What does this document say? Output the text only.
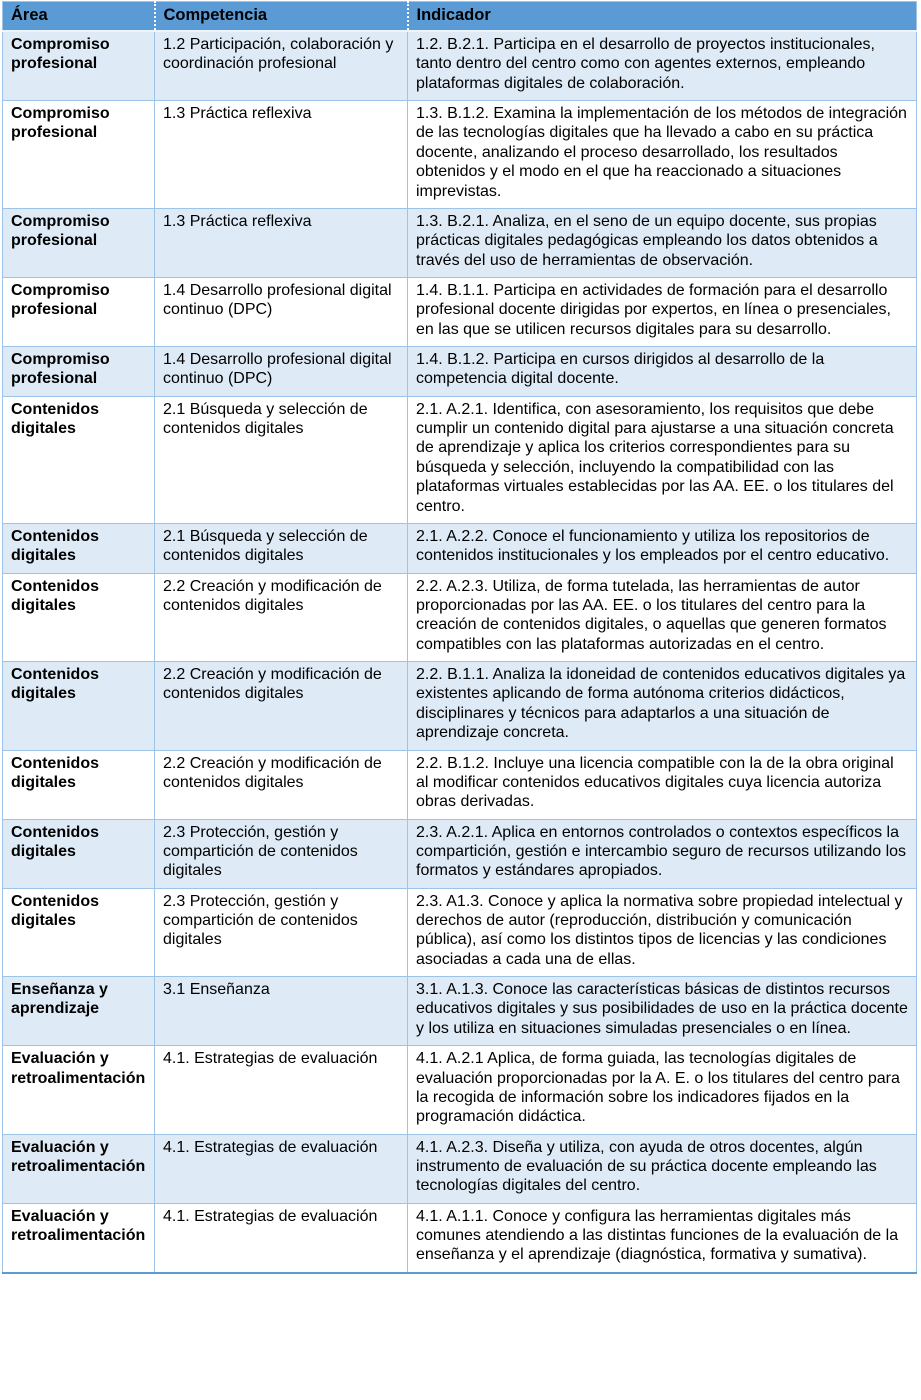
Área	Competencia	Indicador
Compromiso profesional	1.2 Participación, colaboración y coordinación profesional	1.2. B.2.1. Participa en el desarrollo de proyectos institucionales, tanto dentro del centro como con agentes externos, empleando plataformas digitales de colaboración.
Compromiso profesional	1.3 Práctica reflexiva	1.3. B.1.2. Examina la implementación de los métodos de integración de las tecnologías digitales que ha llevado a cabo en su práctica docente, analizando el proceso desarrollado, los resultados obtenidos y el modo en el que ha reaccionado a situaciones imprevistas.
Compromiso profesional	1.3 Práctica reflexiva	1.3. B.2.1. Analiza, en el seno de un equipo docente, sus propias prácticas digitales pedagógicas empleando los datos obtenidos a través del uso de herramientas de observación.
Compromiso profesional	1.4 Desarrollo profesional digital continuo (DPC)	1.4. B.1.1. Participa en actividades de formación para el desarrollo profesional docente dirigidas por expertos, en línea o presenciales, en las que se utilicen recursos digitales para su desarrollo.
Compromiso profesional	1.4 Desarrollo profesional digital continuo (DPC)	1.4. B.1.2. Participa en cursos dirigidos al desarrollo de la competencia digital docente.
Contenidos digitales	2.1 Búsqueda y selección de contenidos digitales	2.1. A.2.1. Identifica, con asesoramiento, los requisitos que debe cumplir un contenido digital para ajustarse a una situación concreta de aprendizaje y aplica los criterios correspondientes para su búsqueda y selección, incluyendo la compatibilidad con las plataformas virtuales establecidas por las AA. EE. o los titulares del centro.
Contenidos digitales	2.1 Búsqueda y selección de contenidos digitales	2.1. A.2.2. Conoce el funcionamiento y utiliza los repositorios de contenidos institucionales y los empleados por el centro educativo.
Contenidos digitales	2.2 Creación y modificación de contenidos digitales	2.2. A.2.3. Utiliza, de forma tutelada, las herramientas de autor proporcionadas por las AA. EE. o los titulares del centro para la creación de contenidos digitales, o aquellas que generen formatos compatibles con las plataformas autorizadas en el centro.
Contenidos digitales	2.2 Creación y modificación de contenidos digitales	2.2. B.1.1. Analiza la idoneidad de contenidos educativos digitales ya existentes aplicando de forma autónoma criterios didácticos, disciplinares y técnicos para adaptarlos a una situación de aprendizaje concreta.
Contenidos digitales	2.2 Creación y modificación de contenidos digitales	2.2. B.1.2. Incluye una licencia compatible con la de la obra original al modificar contenidos educativos digitales cuya licencia autoriza obras derivadas.
Contenidos digitales	2.3 Protección, gestión y compartición de contenidos digitales	2.3. A.2.1. Aplica en entornos controlados o contextos específicos la compartición, gestión e intercambio seguro de recursos utilizando los formatos y estándares apropiados.
Contenidos digitales	2.3 Protección, gestión y compartición de contenidos digitales	2.3. A1.3. Conoce y aplica la normativa sobre propiedad intelectual y derechos de autor (reproducción, distribución y comunicación pública), así como los distintos tipos de licencias y las condiciones asociadas a cada una de ellas.
Enseñanza y aprendizaje	3.1 Enseñanza	3.1. A.1.3. Conoce las características básicas de distintos recursos educativos digitales y sus posibilidades de uso en la práctica docente y los utiliza en situaciones simuladas presenciales o en línea.
Evaluación y retroalimentación	4.1. Estrategias de evaluación	4.1. A.2.1 Aplica, de forma guiada, las tecnologías digitales de evaluación proporcionadas por la A. E. o los titulares del centro para la recogida de información sobre los indicadores fijados en la programación didáctica.
Evaluación y retroalimentación	4.1. Estrategias de evaluación	4.1. A.2.3. Diseña y utiliza, con ayuda de otros docentes, algún instrumento de evaluación de su práctica docente empleando las tecnologías digitales del centro.
Evaluación y retroalimentación	4.1. Estrategias de evaluación	4.1. A.1.1. Conoce y configura las herramientas digitales más comunes atendiendo a las distintas funciones de la evaluación de la enseñanza y el aprendizaje (diagnóstica, formativa y sumativa).
